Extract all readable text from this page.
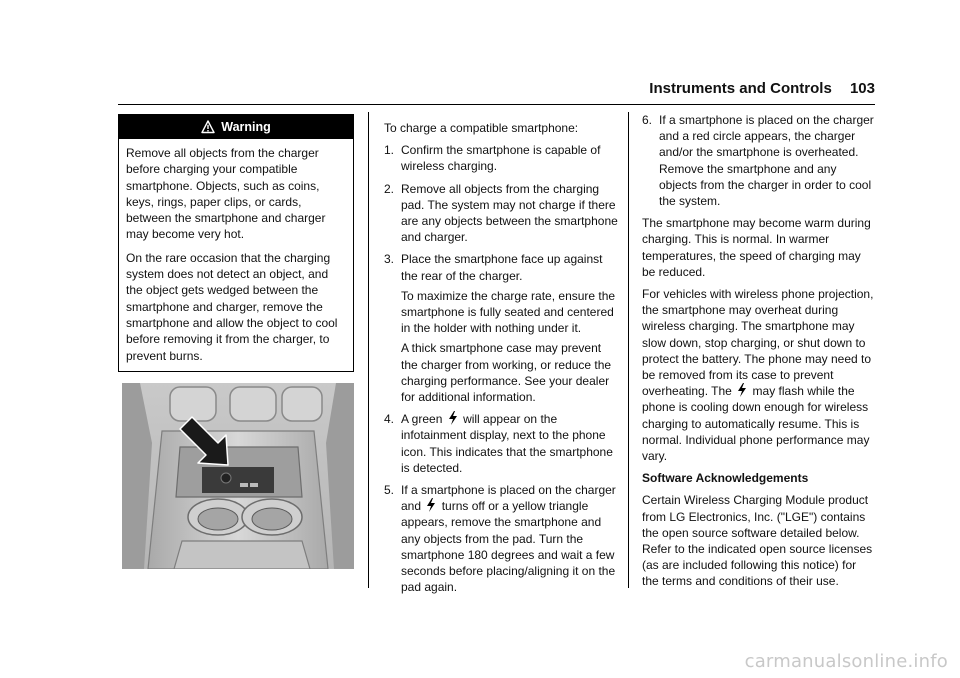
Instruments and Controls 103
Warning

Remove all objects from the charger before charging your compatible smartphone. Objects, such as coins, keys, rings, paper clips, or cards, between the smartphone and charger may become very hot.

On the rare occasion that the charging system does not detect an object, and the object gets wedged between the smartphone and charger, remove the smartphone and allow the object to cool before removing it from the charger, to prevent burns.

To charge a compatible smartphone:

1. Confirm the smartphone is capable of wireless charging.
2. Remove all objects from the charging pad. The system may not charge if there are any objects between the smartphone and charger.
3. Place the smartphone face up against the rear of the charger.
To maximize the charge rate, ensure the smartphone is fully seated and centered in the holder with nothing under it.
A thick smartphone case may prevent the charger from working, or reduce the charging performance. See your dealer for additional information.
4. A green will appear on the infotainment display, next to the phone icon. This indicates that the smartphone is detected.
5. If a smartphone is placed on the charger and turns off or a yellow triangle appears, remove the smartphone and any objects from the pad. Turn the smartphone 180 degrees and wait a few seconds before placing/aligning it on the pad again.
6. If a smartphone is placed on the charger and a red circle appears, the charger and/or the smartphone is overheated. Remove the smartphone and any objects from the charger in order to cool the system.

The smartphone may become warm during charging. This is normal. In warmer temperatures, the speed of charging may be reduced.

For vehicles with wireless phone projection, the smartphone may overheat during wireless charging. The smartphone may slow down, stop charging, or shut down to protect the battery. The phone may need to be removed from its case to prevent overheating. The may flash while the phone is cooling down enough for wireless charging to automatically resume. This is normal. Individual phone performance may vary.

Software Acknowledgements

Certain Wireless Charging Module product from LG Electronics, Inc. ("LGE") contains the open source software detailed below. Refer to the indicated open source licenses (as are included following this notice) for the terms and conditions of their use.

carmanualsonline.info
